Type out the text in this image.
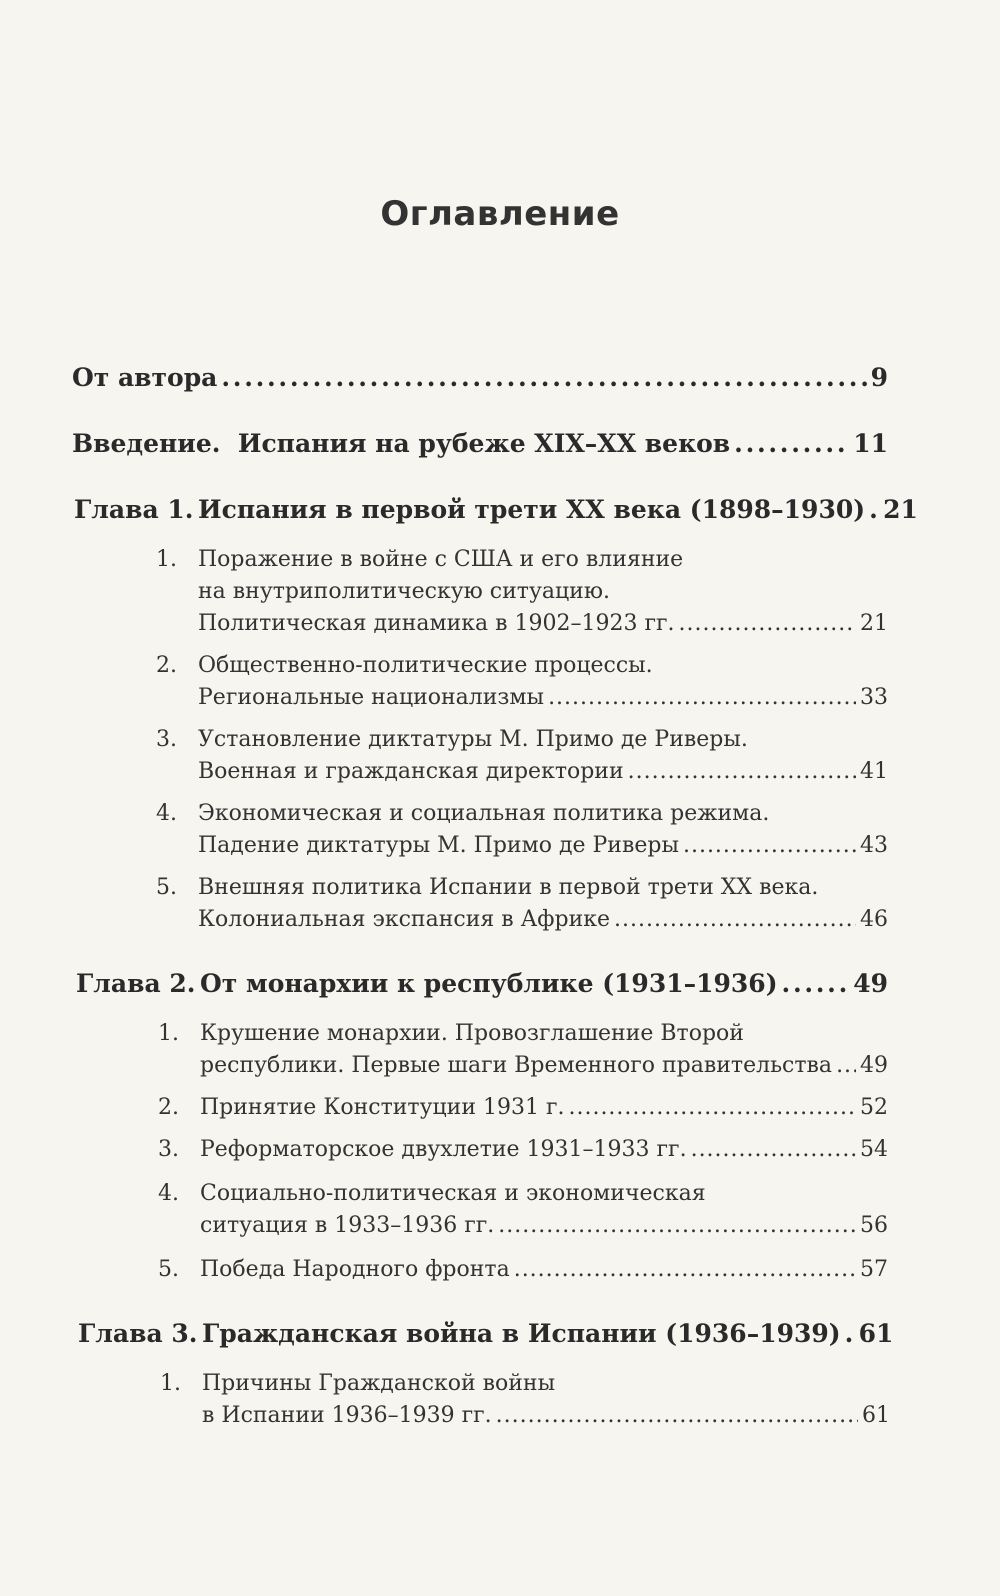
Оглавление
От автора . . .	9
Введение.  Испания на рубеже XIX–XX веков . . .	11
Глава 1. Испания в первой трети XX века (1898–1930) . . . 21
1. Поражение в войне с США и его влияние
на внутриполитическую ситуацию.
Политическая динамика в 1902–1923 гг. . . .	21
2. Общественно-политические процессы.
Региональные национализмы . . .	33
3. Установление диктатуры М. Примо де Риверы.
Военная и гражданская директории . . .	41
4. Экономическая и социальная политика режима.
Падение диктатуры М. Примо де Риверы . . .	43
5. Внешняя политика Испании в первой трети XX века.
Колониальная экспансия в Африке . . .	46
Глава 2. От монархии к республике (1931–1936) . . .	49
1. Крушение монархии. Провозглашение Второй
республики. Первые шаги Временного правительства . . . 49
2. Принятие Конституции 1931 г. . . .	52
3. Реформаторское двухлетие 1931–1933 гг. . . .	54
4. Социально-политическая и экономическая
ситуация в 1933–1936 гг. . . .	56
5. Победа Народного фронта . . .	57
Глава 3. Гражданская война в Испании (1936–1939) . . . 61
1. Причины Гражданской войны
в Испании 1936–1939 гг. . . .	61
